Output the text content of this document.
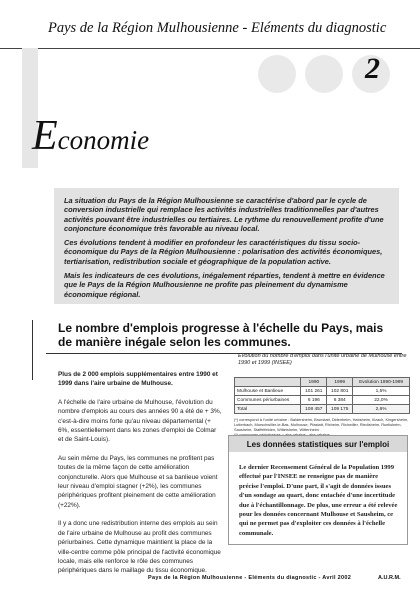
Pays de la Région Mulhousienne - Eléments du diagnostic
2
Economie

La situation du Pays de la Région Mulhousienne se caractérise d'abord par le cycle de conversion industrielle qui remplace les activités industrielles traditionnelles par d'autres activités pouvant être industrielles ou tertiaires. Le rythme du renouvellement profite d'une conjoncture économique très favorable au niveau local.

Ces évolutions tendent à modifier en profondeur les caractéristiques du tissu socio-économique du Pays de la Région Mulhousienne : polarisation des activités économiques, tertiarisation, redistribution sociale et géographique de la population active.

Mais les indicateurs de ces évolutions, inégalement réparties, tendent à mettre en évidence que le Pays de la Région Mulhousienne ne profite pas pleinement du dynamisme économique régional.

Le nombre d'emplois progresse à l'échelle du Pays, mais de manière inégale selon les communes.

Plus de 2 000 emplois supplémentaires entre 1990 et 1999 dans l'aire urbaine de Mulhouse.

A l'échelle de l'aire urbaine de Mulhouse, l'évolution du nombre d'emplois au cours des années 90 a été de + 3%, c'est-à-dire moins forte qu'au niveau départemental (+ 6%, essentiellement dans les zones d'emploi de Colmar et de Saint-Louis).

Au sein même du Pays, les communes ne profitent pas toutes de la même façon de cette amélioration conjoncturelle. Alors que Mulhouse et sa banlieue voient leur niveau d'emploi stagner (+2%), les communes périphériques profitent pleinement de cette amélioration (+22%).

Il y a donc une redistribution interne des emplois au sein de l'aire urbaine de Mulhouse au profit des communes périurbaines. Cette dynamique maintient la place de la ville-centre comme pôle principal de l'activité économique locale, mais elle renforce le rôle des communes périphériques dans le maillage du tissu économique.

Evolution du nombre d'emploi dans l'unité urbaine de Mulhouse entre 1990 et 1999 (INSEE)
	1990	1999	Evolution 1990-1999
Mulhouse et Banlieue	101 261	102 801	1,5%
Communes périurbaines	6 196	6 384	22,0%
Total	108 457	109 175	2,6%
(*) correspond à l'unité urbaine : Baldersheim, Brunstatt, Didenheim, Habsheim, Illzach, Kingersheim, Lutterbach, Morschwiller-le-Bas, Mulhouse, Pfastatt, Rixheim, Richwiller, Riedisheim, Ruelisheim, Sausheim, Staffelfelden, Wittelsheim, Wittenheim
Les données statistiques sur l'emploi
Le dernier Recensement Général de la Population 1999 effectué par l'INSEE ne renseigne pas de manière précise l'emploi. D'une part, il s'agit de données issues d'un sondage au quart, donc entachée d'une incertitude due à l'échantillonnage. De plus, une erreur a été relevée pour les données concernant Mulhouse et Sausheim, ce qui ne permet pas d'exploiter ces données à l'échelle communale.
Pays de la Région Mulhousienne - Eléments du diagnostic - Avril 2002	A.U.R.M.
